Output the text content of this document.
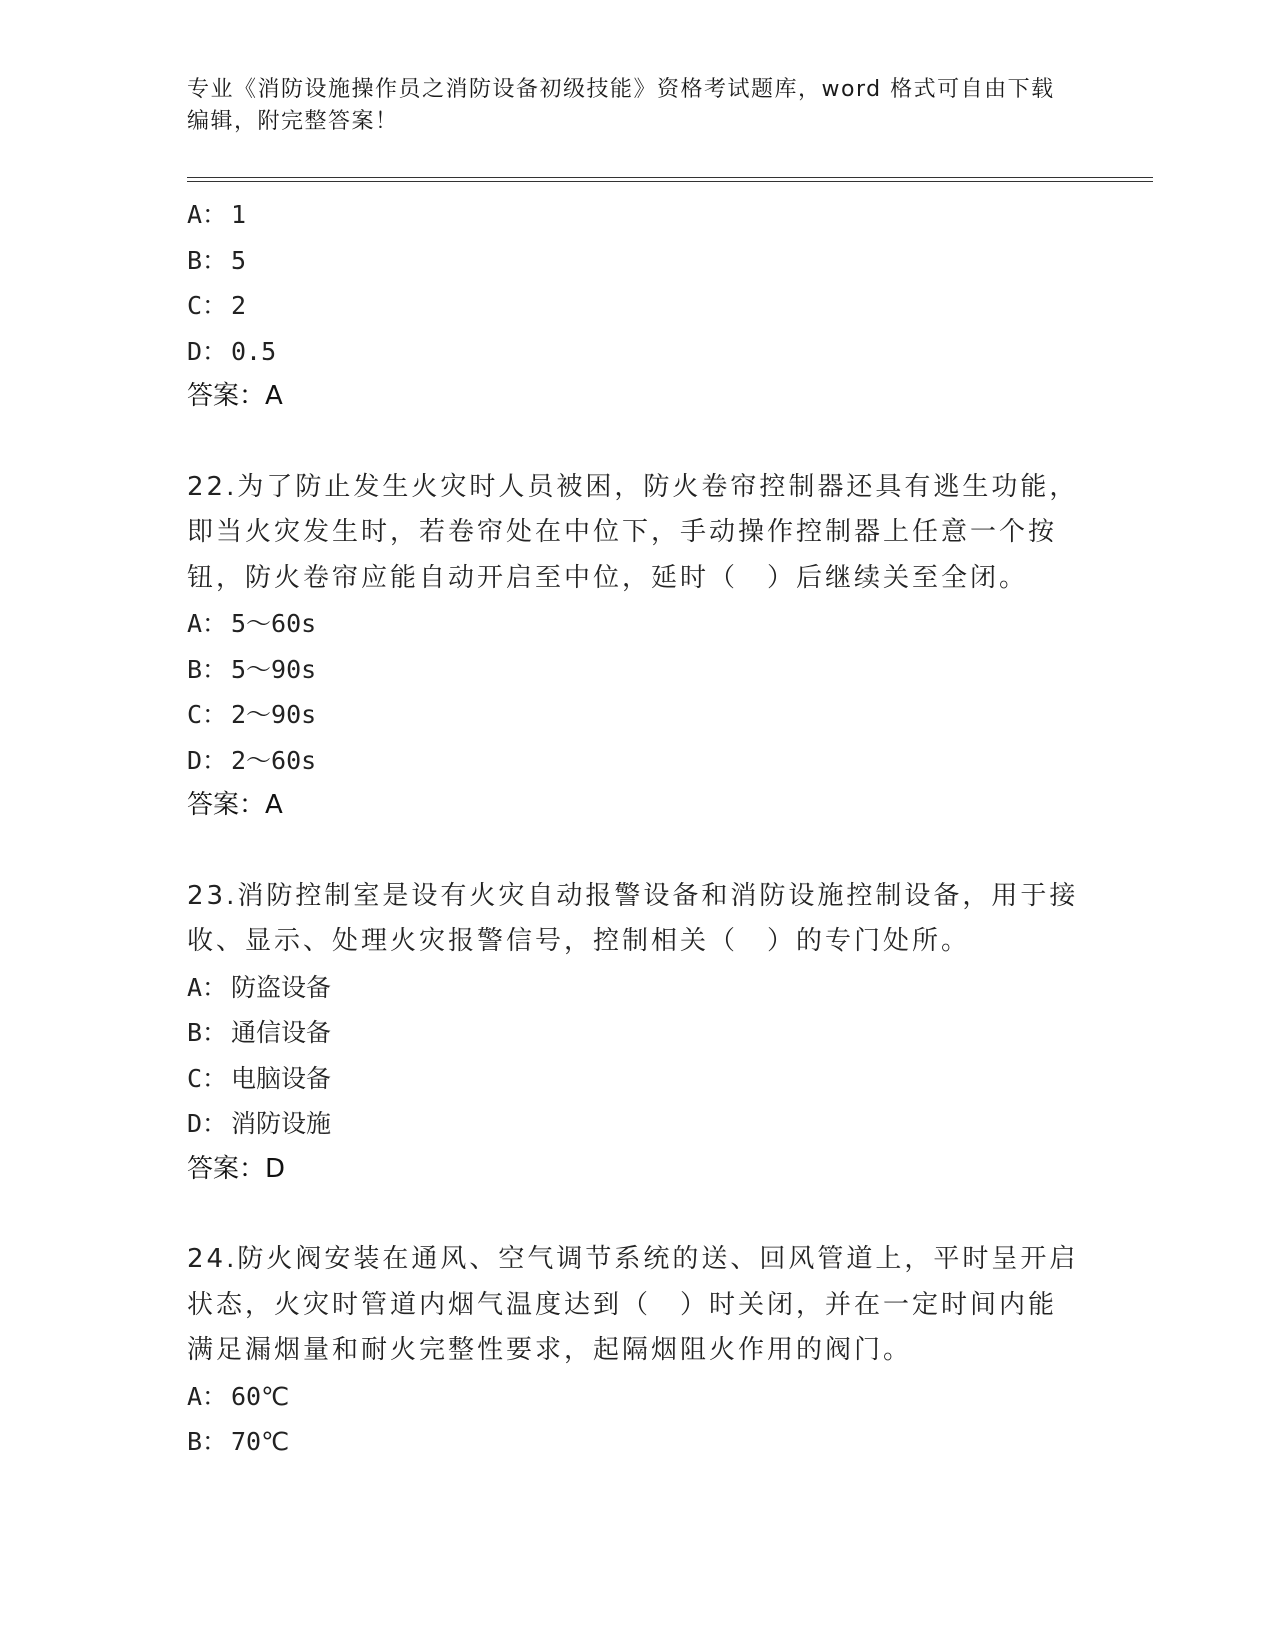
专业《消防设施操作员之消防设备初级技能》资格考试题库，word 格式可自由下载编辑，附完整答案！
A： 1
B： 5
C： 2
D： 0.5
答案：A
22.为了防止发生火灾时人员被困，防火卷帘控制器还具有逃生功能，
即当火灾发生时，若卷帘处在中位下，手动操作控制器上任意一个按
钮，防火卷帘应能自动开启至中位，延时（　）后继续关至全闭。
A： 5～60s
B： 5～90s
C： 2～90s
D： 2～60s
答案：A
23.消防控制室是设有火灾自动报警设备和消防设施控制设备，用于接
收、显示、处理火灾报警信号，控制相关（　）的专门处所。
A： 防盗设备
B： 通信设备
C： 电脑设备
D： 消防设施
答案：D
24.防火阀安装在通风、空气调节系统的送、回风管道上，平时呈开启
状态，火灾时管道内烟气温度达到（　）时关闭，并在一定时间内能
满足漏烟量和耐火完整性要求，起隔烟阻火作用的阀门。
A： 60℃
B： 70℃
